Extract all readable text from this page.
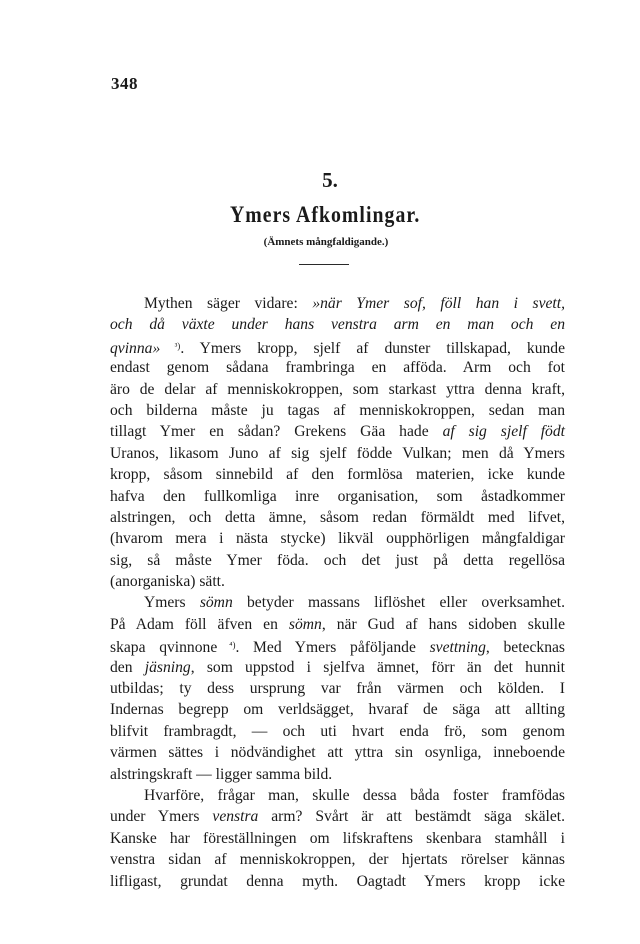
348
5.
Ymers Afkomlingar.
(Ämnets mångfaldigande.)
Mythen säger vidare: »när Ymer sof, föll han i svett,
och då växte under hans venstra arm en man och en
qvinna» $^{^3)}$. Ymers kropp, sjelf af dunster tillskapad, kunde
endast genom sådana frambringa en afföda. Arm och fot
äro de delar af menniskokroppen, som starkast yttra denna kraft,
och bilderna måste ju tagas af menniskokroppen, sedan man
tillagt Ymer en sådan? Grekens Gäa hade af sig sjelf födt
Uranos, likasom Juno af sig sjelf födde Vulkan; men då Ymers
kropp, såsom sinnebild af den formlösa materien, icke kunde
hafva den fullkomliga inre organisation, som åstadkommer
alstringen, och detta ämne, såsom redan förmäldt med lifvet,
(hvarom mera i nästa stycke) likväl oupphörligen mångfaldigar
sig, så måste Ymer föda. och det just på detta regellösa
(anorganiska) sätt.
Ymers sömn betyder massans liflöshet eller overksamhet.
På Adam föll äfven en sömn, när Gud af hans sidoben skulle
skapa qvinnone $^{^4)}$. Med Ymers påföljande svettning, betecknas
den jäsning, som uppstod i sjelfva ämnet, förr än det hunnit
utbildas; ty dess ursprung var från värmen och kölden. I
Indernas begrepp om verldsägget, hvaraf de säga att allting
blifvit frambragdt, — och uti hvart enda frö, som genom
värmen sättes i nödvändighet att yttra sin osynliga, inneboende
alstringskraft — ligger samma bild.
Hvarföre, frågar man, skulle dessa båda foster framfödas
under Ymers venstra arm? Svårt är att bestämdt säga skälet.
Kanske har föreställningen om lifskraftens skenbara stamhåll i
venstra sidan af menniskokroppen, der hjertats rörelser kännas
lifligast, grundat denna myth. Oagtadt Ymers kropp icke
